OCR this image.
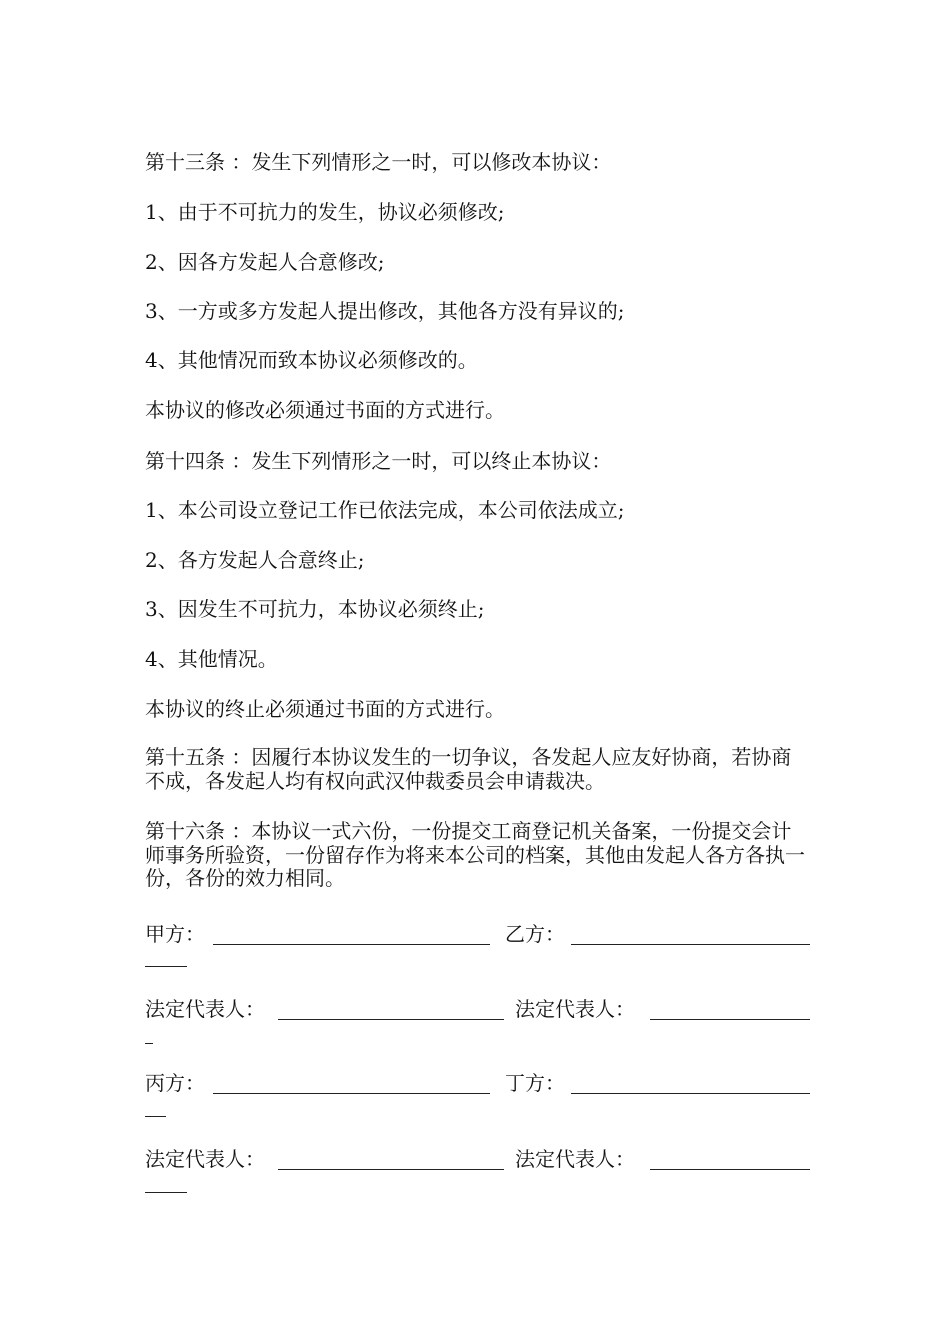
第十三条 ：发生下列情形之一时，可以修改本协议：
1、由于不可抗力的发生，协议必须修改;
2、因各方发起人合意修改;
3、一方或多方发起人提出修改，其他各方没有异议的;
4、其他情况而致本协议必须修改的。
本协议的修改必须通过书面的方式进行。
第十四条 ：发生下列情形之一时，可以终止本协议：
1、本公司设立登记工作已依法完成，本公司依法成立;
2、各方发起人合意终止;
3、因发生不可抗力，本协议必须终止;
4、其他情况。
本协议的终止必须通过书面的方式进行。
第十五条 ：因履行本协议发生的一切争议，各发起人应友好协商，若协商不成，各发起人均有权向武汉仲裁委员会申请裁决。
第十六条 ：本协议一式六份，一份提交工商登记机关备案，一份提交会计师事务所验资，一份留存作为将来本公司的档案，其他由发起人各方各执一份，各份的效力相同。
甲方：	乙方：
法定代表人：	法定代表人：
丙方：	丁方：
法定代表人：	法定代表人：
